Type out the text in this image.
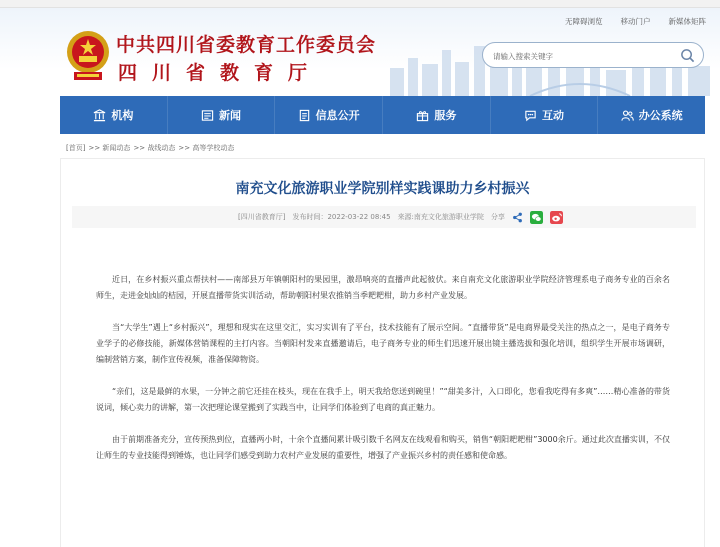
中共四川省委教育工作委员会
四川省教育厅
无障碍浏览 移动门户 新媒体矩阵
请输入搜索关键字
机构	新闻	信息公开	服务	互动	办公系统
[首页] >> 新闻动态 >> 战线动态 >> 高等学校动态
南充文化旅游职业学院别样实践课助力乡村振兴
[四川省教育厅] 发布时间：2022-03-22 08:45 来源:南充文化旅游职业学院 分享

近日，在乡村振兴重点帮扶村——南部县万年镇朝阳村的果园里，激昂响亮的直播声此起彼伏。来自南充文化旅游职业学院经济管理系电子商务专业的百余名师生，走进金灿灿的桔园，开展直播带货实训活动，帮助朝阳村果农推销当季耙耙柑，助力乡村产业发展。

当“大学生”遇上“乡村振兴”，理想和现实在这里交汇，实习实训有了平台，技术技能有了展示空间。“直播带货”是电商界最受关注的热点之一，是电子商务专业学子的必修技能，新媒体营销课程的主打内容。当朝阳村发来直播邀请后，电子商务专业的师生们迅速开展出镜主播选拔和强化培训，组织学生开展市场调研，编制营销方案，制作宣传视频，准备保障物资。

“亲们，这是最鲜的水果，一分钟之前它还挂在枝头，现在在我手上，明天我给您送到碗里！”“甜美多汁，入口即化，您看我吃得有多爽”……精心准备的带货说词，倾心卖力的讲解，第一次把理论课堂搬到了实践当中，让同学们体验到了电商的真正魅力。

由于前期准备充分，宣传预热到位，直播两小时，十余个直播间累计吸引数千名网友在线观看和购买，销售“朝阳耙耙柑”3000余斤。通过此次直播实训，不仅让师生的专业技能得到锤炼，也让同学们感受到助力农村产业发展的重要性，增强了产业振兴乡村的责任感和使命感。
